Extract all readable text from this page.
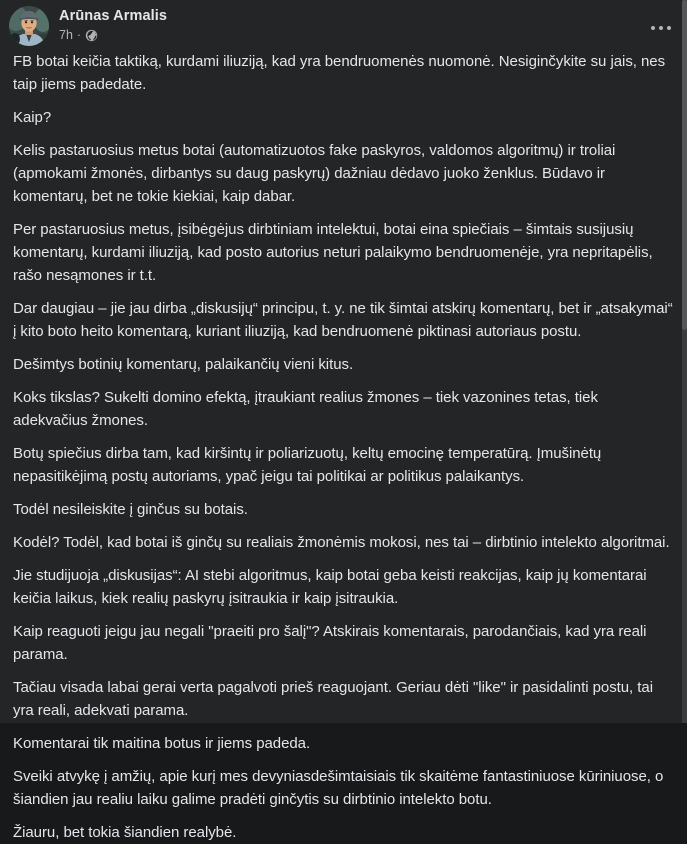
Arūnas Armalis
7h ·

FB botai keičia taktiką, kurdami iliuziją, kad yra bendruomenės nuomonė. Nesiginčykite su jais, nes taip jiems padedate.

Kaip?

Kelis pastaruosius metus botai (automatizuotos fake paskyros, valdomos algoritmų) ir troliai (apmokami žmonės, dirbantys su daug paskyrų) dažniau dėdavo juoko ženklus. Būdavo ir komentarų, bet ne tokie kiekiai, kaip dabar.

Per pastaruosius metus, įsibėgėjus dirbtiniam intelektui, botai eina spiečiais – šimtais susijusių komentarų, kurdami iliuziją, kad posto autorius neturi palaikymo bendruomenėje, yra nepritapėlis, rašo nesąmones ir t.t.

Dar daugiau – jie jau dirba „diskusijų“ principu, t. y. ne tik šimtai atskirų komentarų, bet ir „atsakymai“ į kito boto heito komentarą, kuriant iliuziją, kad bendruomenė piktinasi autoriaus postu.

Dešimtys botinių komentarų, palaikančių vieni kitus.

Koks tikslas? Sukelti domino efektą, įtraukiant realius žmones – tiek vazonines tetas, tiek adekvačius žmones.

Botų spiečius dirba tam, kad kiršintų ir poliarizuotų, keltų emocinę temperatūrą. Įmušinėtų nepasitikėjimą postų autoriams, ypač jeigu tai politikai ar politikus palaikantys.

Todėl nesileiskite į ginčus su botais.

Kodėl? Todėl, kad botai iš ginčų su realiais žmonėmis mokosi, nes tai – dirbtinio intelekto algoritmai.

Jie studijuoja „diskusijas“: AI stebi algoritmus, kaip botai geba keisti reakcijas, kaip jų komentarai keičia laikus, kiek realių paskyrų įsitraukia ir kaip įsitraukia.

Kaip reaguoti jeigu jau negali "praeiti pro šalį"? Atskirais komentarais, parodančiais, kad yra reali parama.

Tačiau visada labai gerai verta pagalvoti prieš reaguojant. Geriau dėti "like" ir pasidalinti postu, tai yra reali, adekvati parama.

Komentarai tik maitina botus ir jiems padeda.

Sveiki atvykę į amžių, apie kurį mes devyniasdešimtaisiais tik skaitėme fantastiniuose kūriniuose, o šiandien jau realiu laiku galime pradėti ginčytis su dirbtinio intelekto botu.

Žiauru, bet tokia šiandien realybė.
